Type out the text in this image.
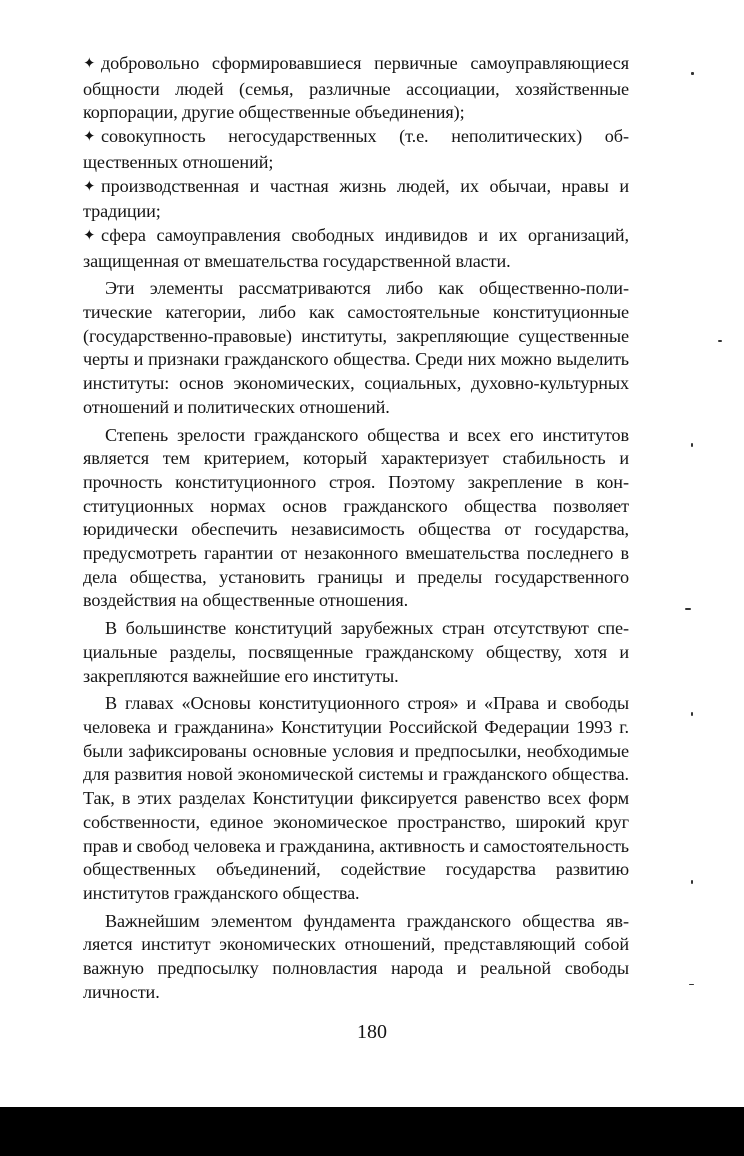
✦ добровольно сформировавшиеся первичные самоуправляющиеся общности людей (семья, различные ассоциации, хозяйственные корпорации, другие общественные объединения);

✦ совокупность негосударственных (т.е. неполитических) общественных отношений;

✦ производственная и частная жизнь людей, их обычаи, нравы и традиции;

✦ сфера самоуправления свободных индивидов и их организаций, защищенная от вмешательства государственной власти.

Эти элементы рассматриваются либо как общественно-политические категории, либо как самостоятельные конституционные (государственно-правовые) институты, закрепляющие существенные черты и признаки гражданского общества. Среди них можно выделить институты: основ экономических, социальных, духовно-культурных отношений и политических отношений.

Степень зрелости гражданского общества и всех его институтов является тем критерием, который характеризует стабильность и прочность конституционного строя. Поэтому закрепление в конституционных нормах основ гражданского общества позволяет юридически обеспечить независимость общества от государства, предусмотреть гарантии от незаконного вмешательства последнего в дела общества, установить границы и пределы государственного воздействия на общественные отношения.

В большинстве конституций зарубежных стран отсутствуют специальные разделы, посвященные гражданскому обществу, хотя и закрепляются важнейшие его институты.

В главах «Основы конституционного строя» и «Права и свободы человека и гражданина» Конституции Российской Федерации 1993 г. были зафиксированы основные условия и предпосылки, необходимые для развития новой экономической системы и гражданского общества. Так, в этих разделах Конституции фиксируется равенство всех форм собственности, единое экономическое пространство, широкий круг прав и свобод человека и гражданина, активность и самостоятельность общественных объединений, содействие государства развитию институтов гражданского общества.

Важнейшим элементом фундамента гражданского общества является институт экономических отношений, представляющий собой важную предпосылку полновластия народа и реальной свободы личности.

180
